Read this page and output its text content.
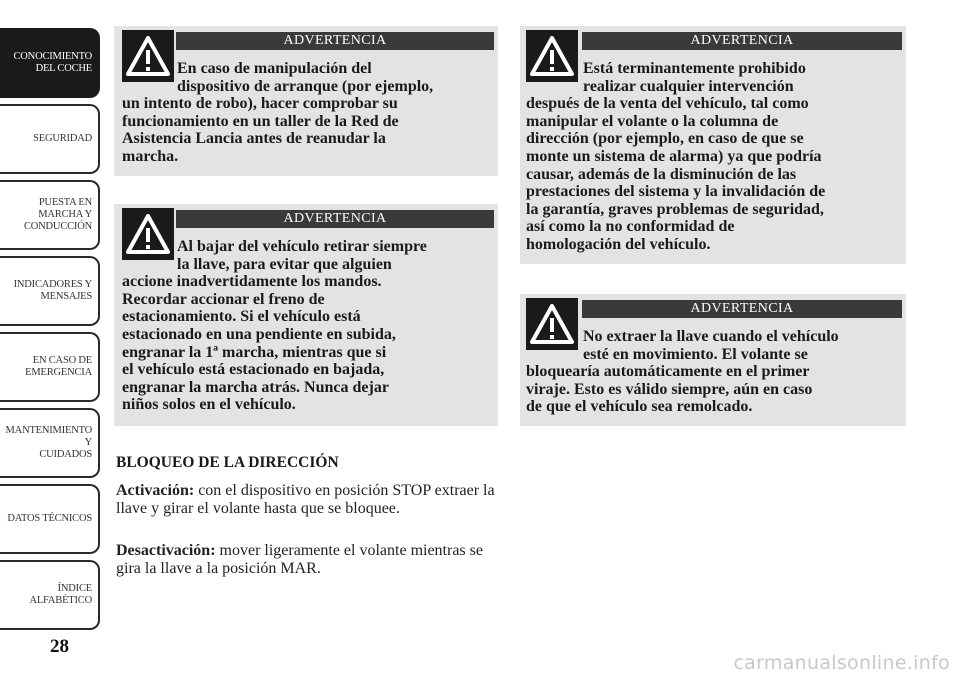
CONOCIMIENTO
DEL COCHE
SEGURIDAD
PUESTA EN
MARCHA Y
CONDUCCIÓN
INDICADORES Y
MENSAJES
EN CASO DE
EMERGENCIA
MANTENIMIENTO Y
CUIDADOS
DATOS TÉCNICOS
ÍNDICE
ALFABÉTICO
28
ADVERTENCIA
En caso de manipulación del
dispositivo de arranque (por ejemplo,
un intento de robo), hacer comprobar su
funcionamiento en un taller de la Red de
Asistencia Lancia antes de reanudar la
marcha.
ADVERTENCIA
Al bajar del vehículo retirar siempre
la llave, para evitar que alguien
accione inadvertidamente los mandos.
Recordar accionar el freno de
estacionamiento. Si el vehículo está
estacionado en una pendiente en subida,
engranar la 1ª marcha, mientras que si
el vehículo está estacionado en bajada,
engranar la marcha atrás. Nunca dejar
niños solos en el vehículo.
ADVERTENCIA
Está terminantemente prohibido
realizar cualquier intervención
después de la venta del vehículo, tal como
manipular el volante o la columna de
dirección (por ejemplo, en caso de que se
monte un sistema de alarma) ya que podría
causar, además de la disminución de las
prestaciones del sistema y la invalidación de
la garantía, graves problemas de seguridad,
así como la no conformidad de
homologación del vehículo.
ADVERTENCIA
No extraer la llave cuando el vehículo
esté en movimiento. El volante se
bloquearía automáticamente en el primer
viraje. Esto es válido siempre, aún en caso
de que el vehículo sea remolcado.
BLOQUEO DE LA DIRECCIÓN
Activación: con el dispositivo en posición STOP extraer la llave y girar el volante hasta que se bloquee.
Desactivación: mover ligeramente el volante mientras se gira la llave a la posición MAR.
carmanualsonline.info
